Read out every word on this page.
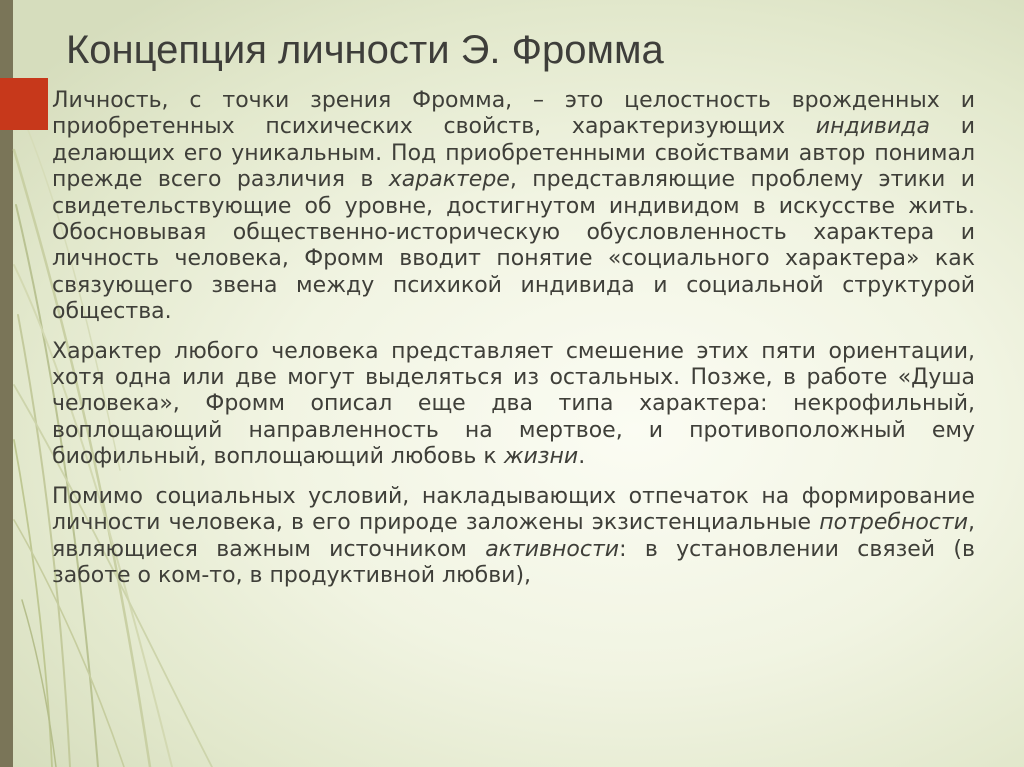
Концепция личности Э. Фромма

Личность, с точки зрения Фромма, – это целостность врожденных и приобретенных психических свойств, характеризующих индивида и делающих его уникальным. Под приобретенными свойствами автор понимал прежде всего различия в характере, представляющие проблему этики и свидетельствующие об уровне, достигнутом индивидом в искусстве жить. Обосновывая общественно-историческую обусловленность характера и личность человека, Фромм вводит понятие «социального характера» как связующего звена между психикой индивида и социальной структурой общества.

Характер любого человека представляет смешение этих пяти ориентации, хотя одна или две могут выделяться из остальных. Позже, в работе «Душа человека», Фромм описал еще два типа характера: некрофильный, воплощающий направленность на мертвое, и противоположный ему биофильный, воплощающий любовь к жизни.

Помимо социальных условий, накладывающих отпечаток на формирование личности человека, в его природе заложены экзистенциальные потребности, являющиеся важным источником активности: в установлении связей (в заботе о ком-то, в продуктивной любви),
